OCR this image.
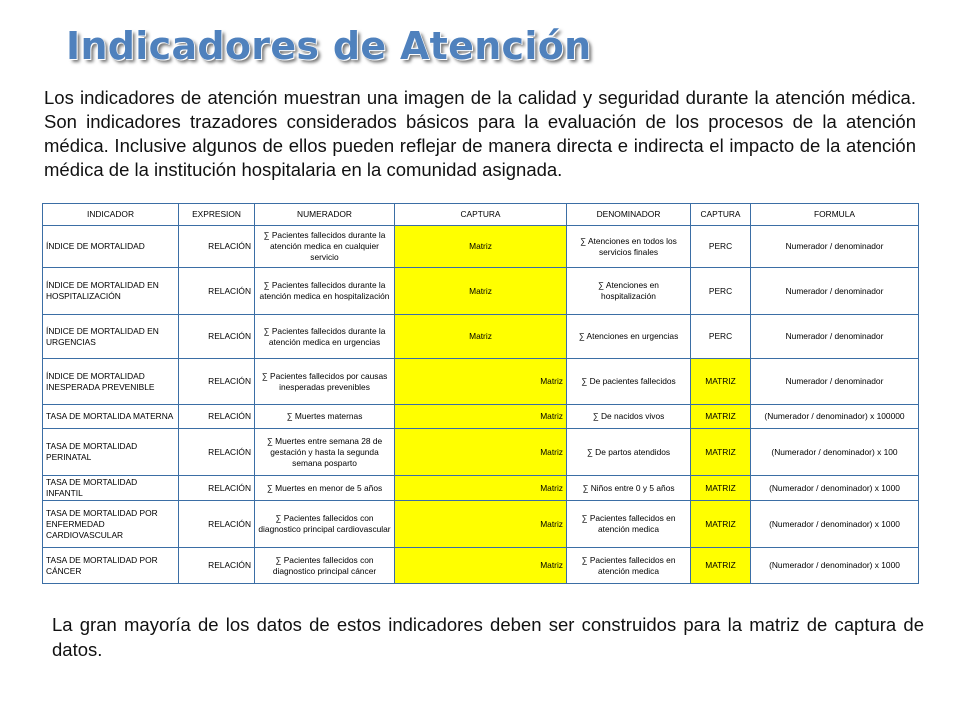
Indicadores de Atención

Los indicadores de atención muestran una imagen de la calidad y seguridad durante la atención médica. Son indicadores trazadores considerados básicos para la evaluación de los procesos de la atención médica. Inclusive algunos de ellos pueden reflejar de manera directa e indirecta el impacto de la atención médica de la institución hospitalaria en la comunidad asignada.

INDICADOR	EXPRESION	NUMERADOR	CAPTURA	DENOMINADOR	CAPTURA	FORMULA
ÍNDICE DE MORTALIDAD	RELACIÓN	∑ Pacientes fallecidos durante la atención medica en cualquier servicio	Matriz	∑ Atenciones en todos los servicios finales	PERC	Numerador / denominador
ÍNDICE DE MORTALIDAD EN HOSPITALIZACIÓN	RELACIÓN	∑ Pacientes fallecidos durante la atención medica en hospitalización	Matriz	∑ Atenciones en hospitalización	PERC	Numerador / denominador
ÍNDICE DE MORTALIDAD EN URGENCIAS	RELACIÓN	∑ Pacientes fallecidos durante la atención medica en urgencias	Matriz	∑ Atenciones en urgencias	PERC	Numerador / denominador
ÍNDICE DE MORTALIDAD INESPERADA PREVENIBLE	RELACIÓN	∑ Pacientes fallecidos por causas inesperadas prevenibles	Matriz	∑ De pacientes fallecidos	MATRIZ	Numerador / denominador
TASA DE MORTALIDA MATERNA	RELACIÓN	∑ Muertes maternas	Matriz	∑ De nacidos vivos	MATRIZ	(Numerador / denominador) x 100000
TASA DE MORTALIDAD PERINATAL	RELACIÓN	∑ Muertes entre semana 28 de gestación y hasta la segunda semana posparto	Matriz	∑ De partos atendidos	MATRIZ	(Numerador / denominador) x 100
TASA DE MORTALIDAD INFANTIL	RELACIÓN	∑ Muertes en menor de 5 años	Matriz	∑ Niños entre 0 y 5 años	MATRIZ	(Numerador / denominador) x 1000
TASA DE MORTALIDAD POR ENFERMEDAD CARDIOVASCULAR	RELACIÓN	∑ Pacientes fallecidos con diagnostico principal cardiovascular	Matriz	∑ Pacientes fallecidos en atención medica	MATRIZ	(Numerador / denominador) x 1000
TASA DE MORTALIDAD POR CÁNCER	RELACIÓN	∑ Pacientes fallecidos con diagnostico principal cáncer	Matriz	∑ Pacientes fallecidos en atención medica	MATRIZ	(Numerador / denominador) x 1000

La gran mayoría de los datos de estos indicadores deben ser construidos para la matriz de captura de datos.
